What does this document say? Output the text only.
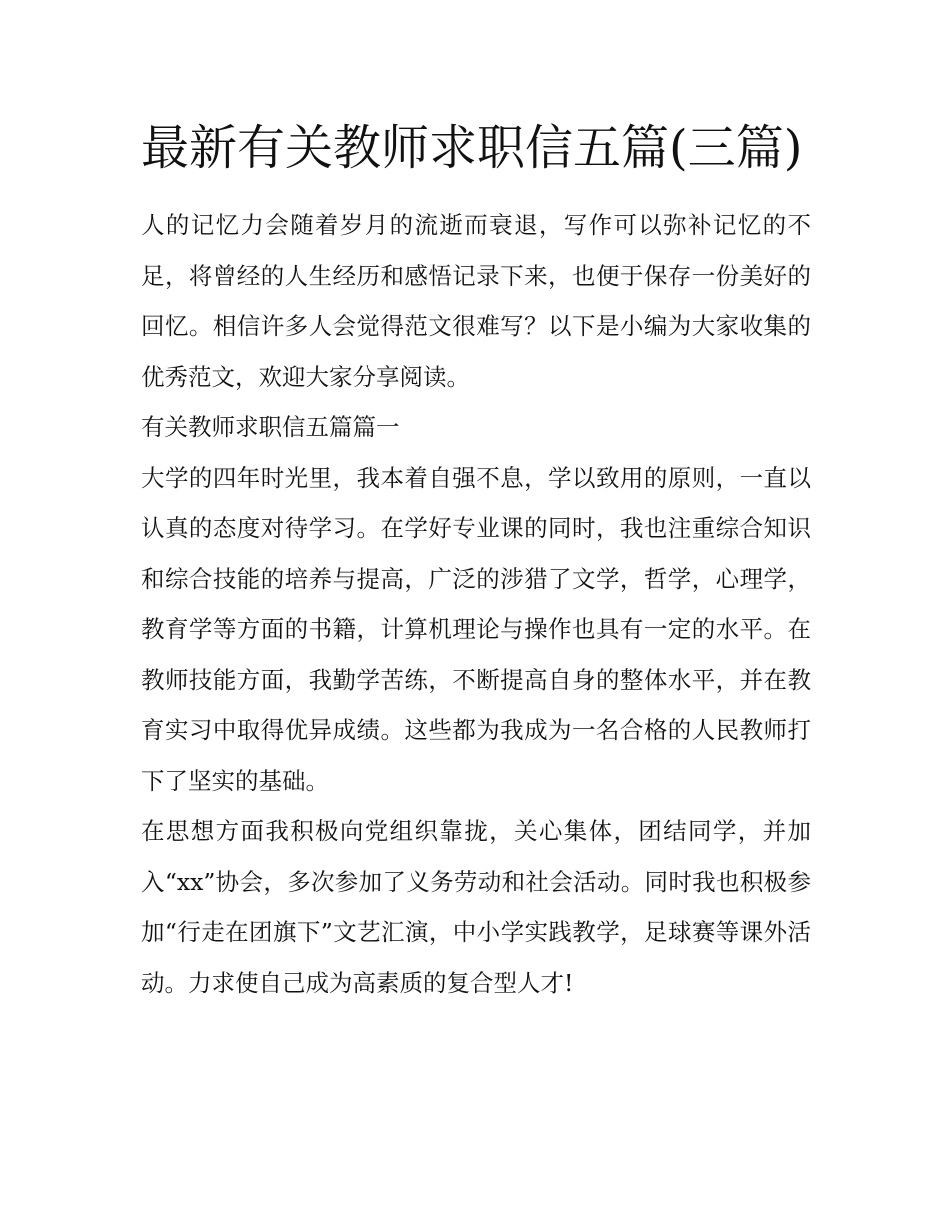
最新有关教师求职信五篇(三篇)

人的记忆力会随着岁月的流逝而衰退，写作可以弥补记忆的不足，将曾经的人生经历和感悟记录下来，也便于保存一份美好的回忆。相信许多人会觉得范文很难写？以下是小编为大家收集的优秀范文，欢迎大家分享阅读。

有关教师求职信五篇篇一

大学的四年时光里，我本着自强不息，学以致用的原则，一直以认真的态度对待学习。在学好专业课的同时，我也注重综合知识和综合技能的培养与提高，广泛的涉猎了文学，哲学，心理学，教育学等方面的书籍，计算机理论与操作也具有一定的水平。在教师技能方面，我勤学苦练，不断提高自身的整体水平，并在教育实习中取得优异成绩。这些都为我成为一名合格的人民教师打下了坚实的基础。

在思想方面我积极向党组织靠拢，关心集体，团结同学，并加入“xx”协会，多次参加了义务劳动和社会活动。同时我也积极参加“行走在团旗下”文艺汇演，中小学实践教学，足球赛等课外活动。力求使自己成为高素质的复合型人才!
